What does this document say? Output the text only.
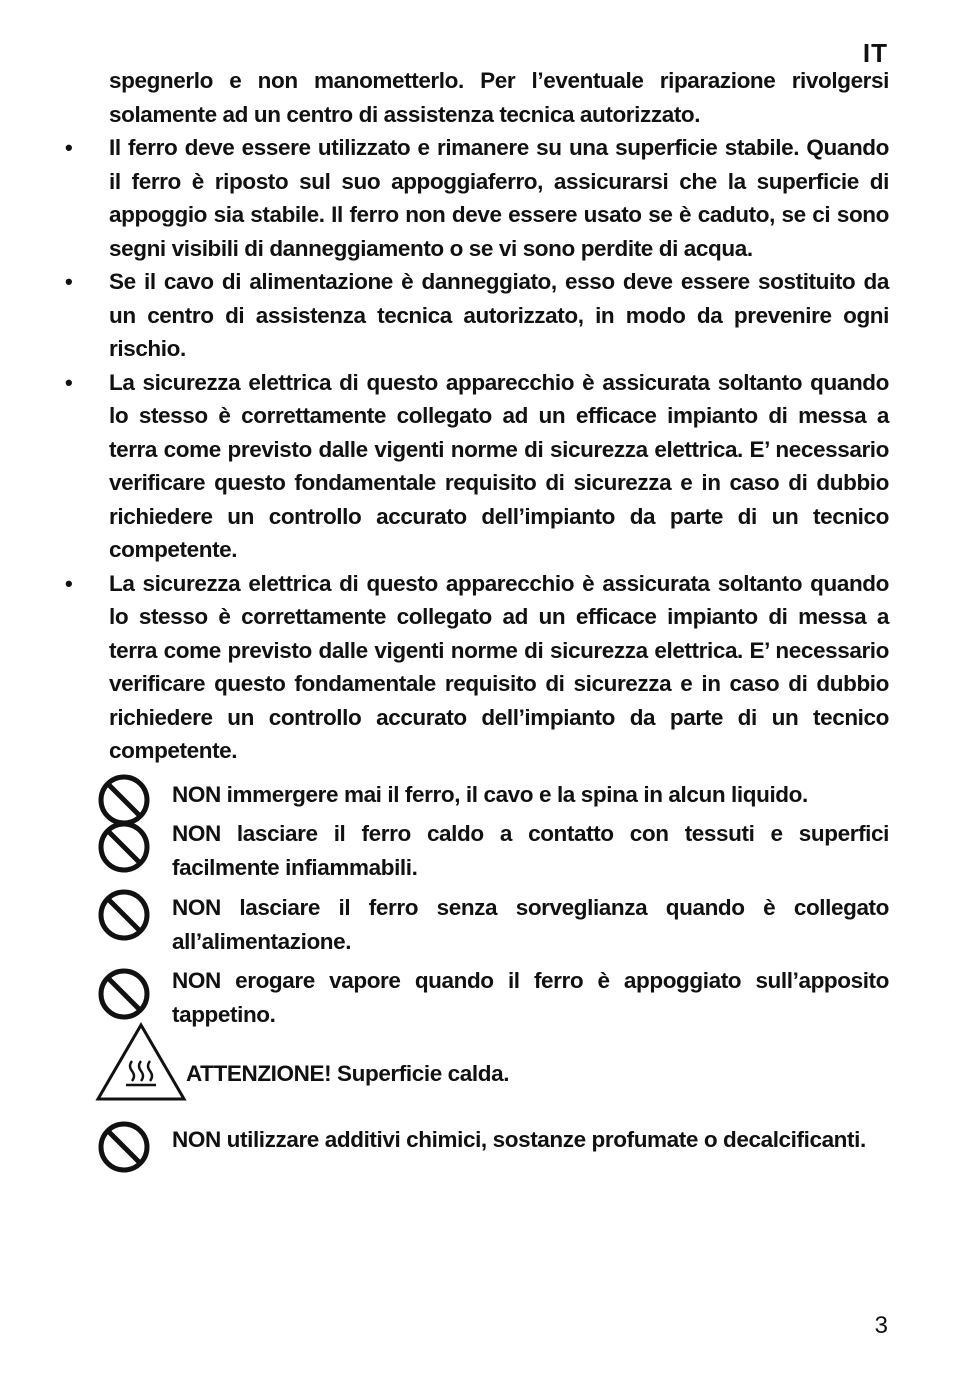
IT

spegnerlo e non manometterlo. Per l’eventuale riparazione rivolgersi solamente ad un centro di assistenza tecnica autorizzato.

• Il ferro deve essere utilizzato e rimanere su una superficie stabile. Quando il ferro è riposto sul suo appoggiaferro, assicurarsi che la superficie di appoggio sia stabile. Il ferro non deve essere usato se è caduto, se ci sono segni visibili di danneggiamento o se vi sono perdite di acqua.

• Se il cavo di alimentazione è danneggiato, esso deve essere sostituito da un centro di assistenza tecnica autorizzato, in modo da prevenire ogni rischio.

• La sicurezza elettrica di questo apparecchio è assicurata soltanto quando lo stesso è correttamente collegato ad un efficace impianto di messa a terra come previsto dalle vigenti norme di sicurezza elettrica. E’ necessario verificare questo fondamentale requisito di sicurezza e in caso di dubbio richiedere un controllo accurato dell’impianto da parte di un tecnico competente.

• La sicurezza elettrica di questo apparecchio è assicurata soltanto quando lo stesso è correttamente collegato ad un efficace impianto di messa a terra come previsto dalle vigenti norme di sicurezza elettrica. E’ necessario verificare questo fondamentale requisito di sicurezza e in caso di dubbio richiedere un controllo accurato dell’impianto da parte di un tecnico competente.

NON immergere mai il ferro, il cavo e la spina in alcun liquido.

NON lasciare il ferro caldo a contatto con tessuti e superfici facilmente infiammabili.

NON lasciare il ferro senza sorveglianza quando è collegato all’alimentazione.

NON erogare vapore quando il ferro è appoggiato sull’apposito tappetino.

ATTENZIONE! Superficie calda.

NON utilizzare additivi chimici, sostanze profumate o decalcificanti.

3
